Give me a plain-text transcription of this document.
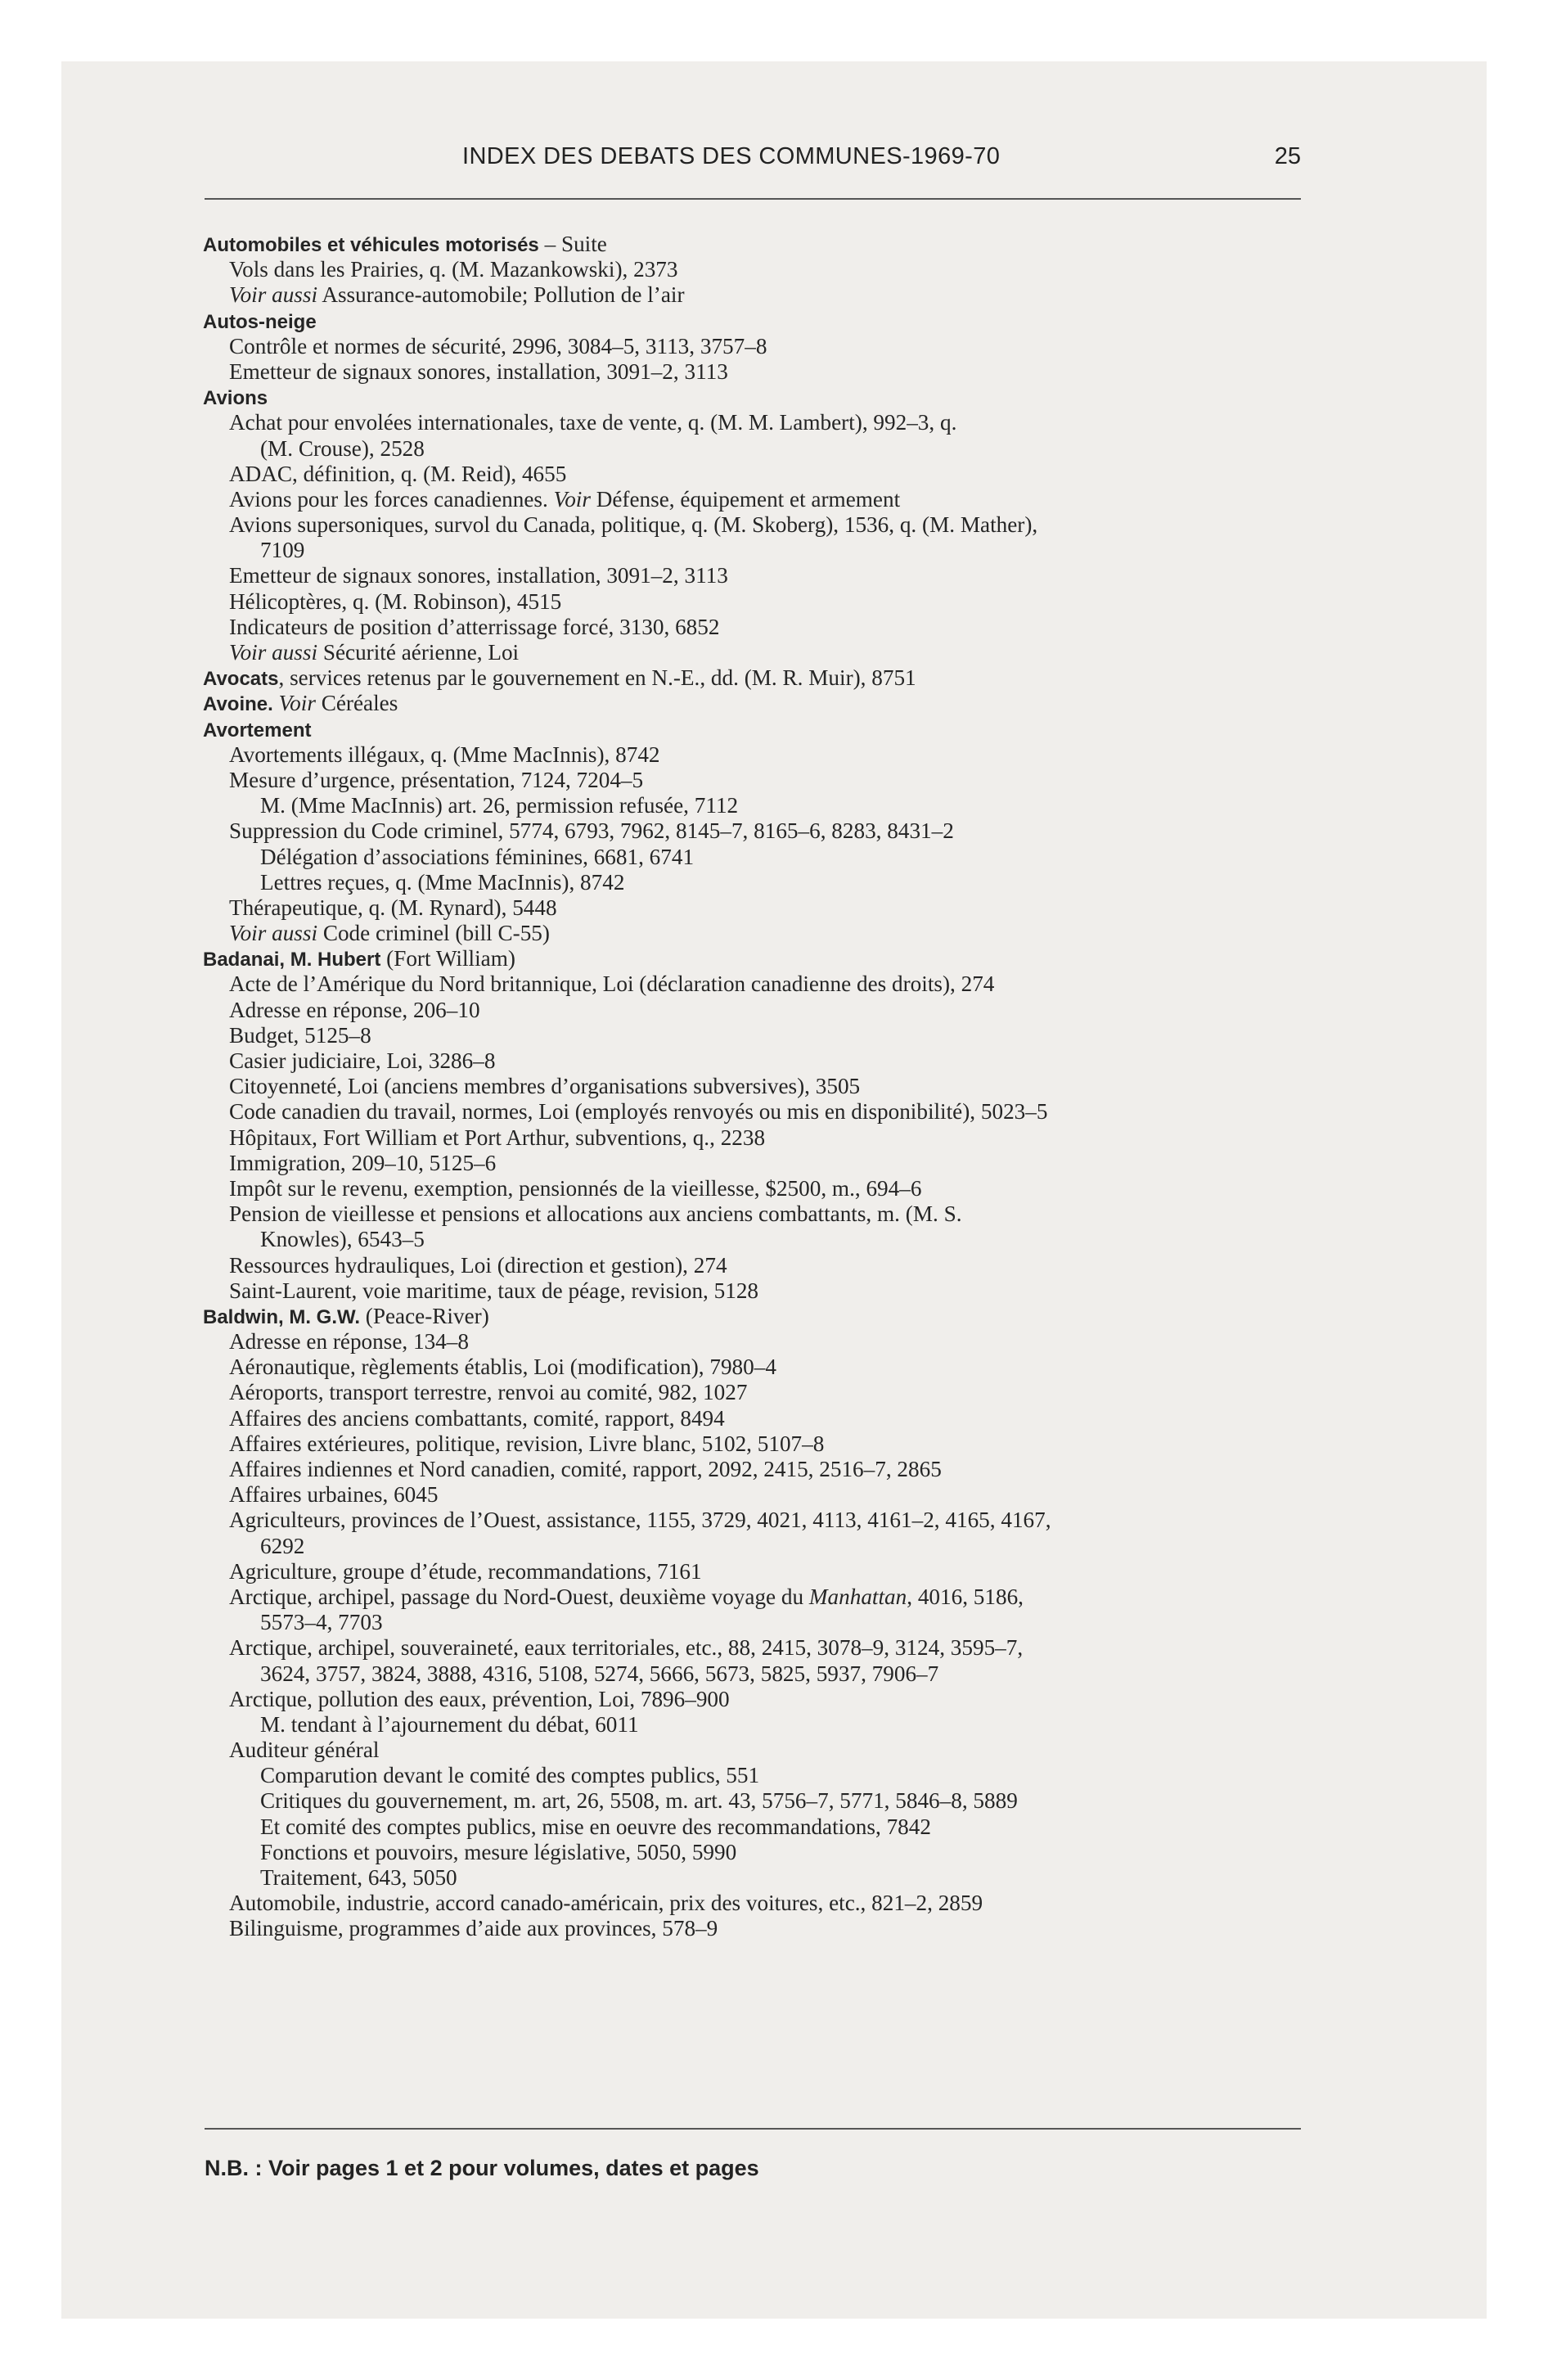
INDEX DES DEBATS DES COMMUNES-1969-70	25
Automobiles et véhicules motorisés – Suite
Vols dans les Prairies, q. (M. Mazankowski), 2373
Voir aussi Assurance-automobile; Pollution de l’air
Autos-neige
Contrôle et normes de sécurité, 2996, 3084–5, 3113, 3757–8
Emetteur de signaux sonores, installation, 3091–2, 3113
Avions
Achat pour envolées internationales, taxe de vente, q. (M. M. Lambert), 992–3, q.
(M. Crouse), 2528
ADAC, définition, q. (M. Reid), 4655
Avions pour les forces canadiennes. Voir Défense, équipement et armement
Avions supersoniques, survol du Canada, politique, q. (M. Skoberg), 1536, q. (M. Mather),
7109
Emetteur de signaux sonores, installation, 3091–2, 3113
Hélicoptères, q. (M. Robinson), 4515
Indicateurs de position d’atterrissage forcé, 3130, 6852
Voir aussi Sécurité aérienne, Loi
Avocats, services retenus par le gouvernement en N.-E., dd. (M. R. Muir), 8751
Avoine. Voir Céréales
Avortement
Avortements illégaux, q. (Mme MacInnis), 8742
Mesure d’urgence, présentation, 7124, 7204–5
M. (Mme MacInnis) art. 26, permission refusée, 7112
Suppression du Code criminel, 5774, 6793, 7962, 8145–7, 8165–6, 8283, 8431–2
Délégation d’associations féminines, 6681, 6741
Lettres reçues, q. (Mme MacInnis), 8742
Thérapeutique, q. (M. Rynard), 5448
Voir aussi Code criminel (bill C-55)
Badanai, M. Hubert (Fort William)
Acte de l’Amérique du Nord britannique, Loi (déclaration canadienne des droits), 274
Adresse en réponse, 206–10
Budget, 5125–8
Casier judiciaire, Loi, 3286–8
Citoyenneté, Loi (anciens membres d’organisations subversives), 3505
Code canadien du travail, normes, Loi (employés renvoyés ou mis en disponibilité), 5023–5
Hôpitaux, Fort William et Port Arthur, subventions, q., 2238
Immigration, 209–10, 5125–6
Impôt sur le revenu, exemption, pensionnés de la vieillesse, $2500, m., 694–6
Pension de vieillesse et pensions et allocations aux anciens combattants, m. (M. S.
Knowles), 6543–5
Ressources hydrauliques, Loi (direction et gestion), 274
Saint-Laurent, voie maritime, taux de péage, revision, 5128
Baldwin, M. G.W. (Peace-River)
Adresse en réponse, 134–8
Aéronautique, règlements établis, Loi (modification), 7980–4
Aéroports, transport terrestre, renvoi au comité, 982, 1027
Affaires des anciens combattants, comité, rapport, 8494
Affaires extérieures, politique, revision, Livre blanc, 5102, 5107–8
Affaires indiennes et Nord canadien, comité, rapport, 2092, 2415, 2516–7, 2865
Affaires urbaines, 6045
Agriculteurs, provinces de l’Ouest, assistance, 1155, 3729, 4021, 4113, 4161–2, 4165, 4167,
6292
Agriculture, groupe d’étude, recommandations, 7161
Arctique, archipel, passage du Nord-Ouest, deuxième voyage du Manhattan, 4016, 5186,
5573–4, 7703
Arctique, archipel, souveraineté, eaux territoriales, etc., 88, 2415, 3078–9, 3124, 3595–7,
3624, 3757, 3824, 3888, 4316, 5108, 5274, 5666, 5673, 5825, 5937, 7906–7
Arctique, pollution des eaux, prévention, Loi, 7896–900
M. tendant à l’ajournement du débat, 6011
Auditeur général
Comparution devant le comité des comptes publics, 551
Critiques du gouvernement, m. art, 26, 5508, m. art. 43, 5756–7, 5771, 5846–8, 5889
Et comité des comptes publics, mise en oeuvre des recommandations, 7842
Fonctions et pouvoirs, mesure législative, 5050, 5990
Traitement, 643, 5050
Automobile, industrie, accord canado-américain, prix des voitures, etc., 821–2, 2859
Bilinguisme, programmes d’aide aux provinces, 578–9
N.B. : Voir pages 1 et 2 pour volumes, dates et pages
